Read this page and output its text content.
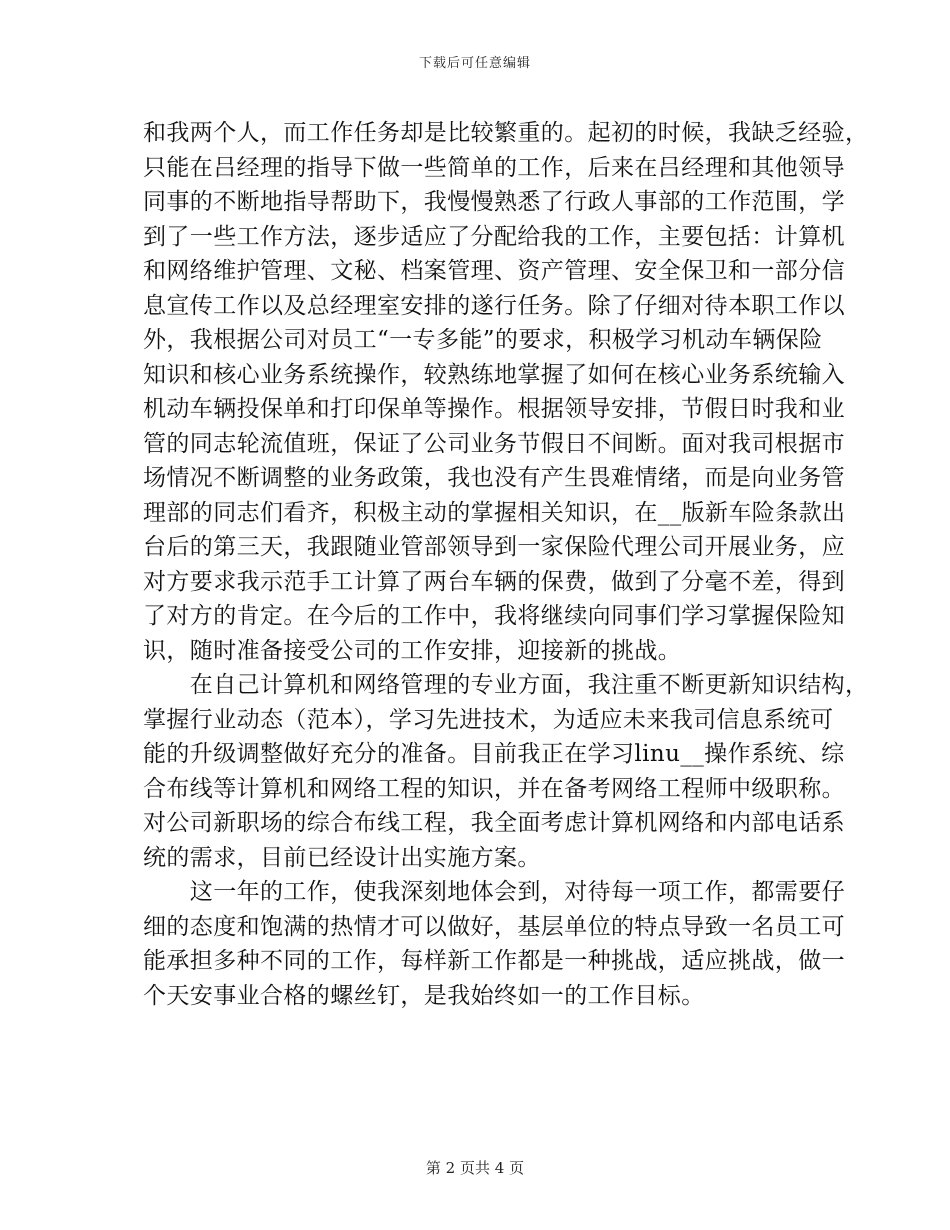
下载后可任意编辑
和我两个人，而工作任务却是比较繁重的。起初的时候，我缺乏经验，
只能在吕经理的指导下做一些简单的工作，后来在吕经理和其他领导
同事的不断地指导帮助下，我慢慢熟悉了行政人事部的工作范围，学
到了一些工作方法，逐步适应了分配给我的工作，主要包括：计算机
和网络维护管理、文秘、档案管理、资产管理、安全保卫和一部分信
息宣传工作以及总经理室安排的遂行任务。除了仔细对待本职工作以
外，我根据公司对员工“一专多能”的要求，积极学习机动车辆保险
知识和核心业务系统操作，较熟练地掌握了如何在核心业务系统输入
机动车辆投保单和打印保单等操作。根据领导安排，节假日时我和业
管的同志轮流值班，保证了公司业务节假日不间断。面对我司根据市
场情况不断调整的业务政策，我也没有产生畏难情绪，而是向业务管
理部的同志们看齐，积极主动的掌握相关知识，在__版新车险条款出
台后的第三天，我跟随业管部领导到一家保险代理公司开展业务，应
对方要求我示范手工计算了两台车辆的保费，做到了分毫不差，得到
了对方的肯定。在今后的工作中，我将继续向同事们学习掌握保险知
识，随时准备接受公司的工作安排，迎接新的挑战。
　　在自己计算机和网络管理的专业方面，我注重不断更新知识结构，
掌握行业动态（范本），学习先进技术，为适应未来我司信息系统可
能的升级调整做好充分的准备。目前我正在学习linu__操作系统、综
合布线等计算机和网络工程的知识，并在备考网络工程师中级职称。
对公司新职场的综合布线工程，我全面考虑计算机网络和内部电话系
统的需求，目前已经设计出实施方案。
　　这一年的工作，使我深刻地体会到，对待每一项工作，都需要仔
细的态度和饱满的热情才可以做好，基层单位的特点导致一名员工可
能承担多种不同的工作，每样新工作都是一种挑战，适应挑战，做一
个天安事业合格的螺丝钉，是我始终如一的工作目标。
第 2 页共 4 页
